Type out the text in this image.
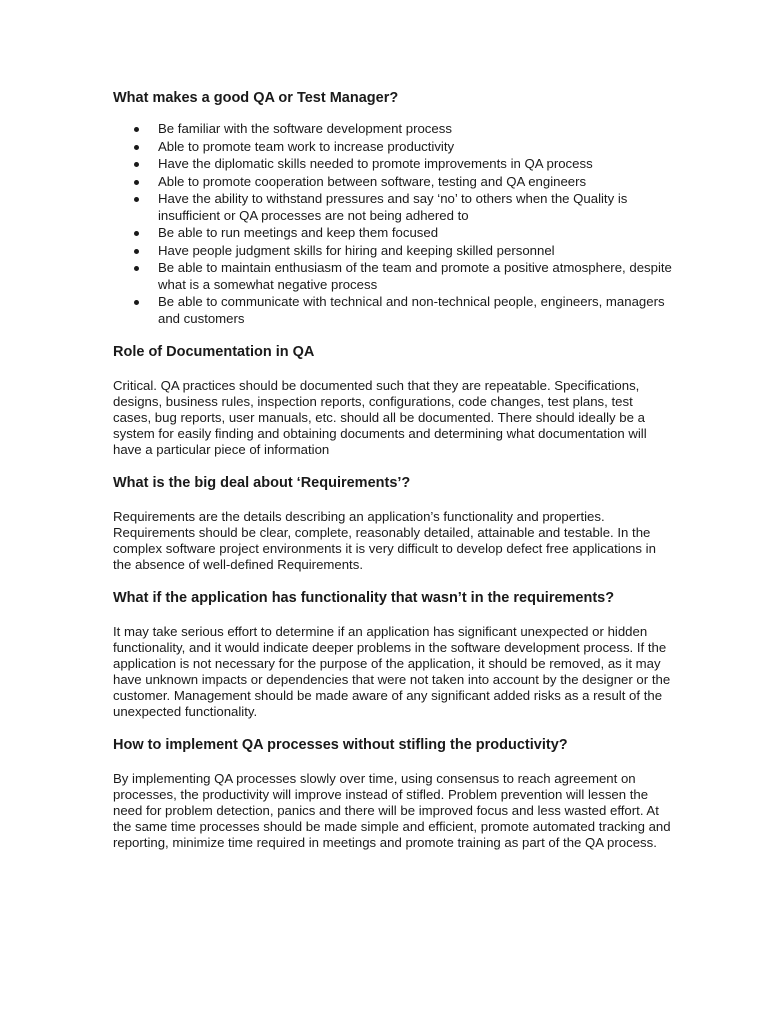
What makes a good QA or Test Manager?
Be familiar with the software development process
Able to promote team work to increase productivity
Have the diplomatic skills needed to promote improvements in QA process
Able to promote cooperation between software, testing and QA engineers
Have the ability to withstand pressures and say ‘no’ to others when the Quality is insufficient or QA processes are not being adhered to
Be able to run meetings and keep them focused
Have people judgment skills for hiring and keeping skilled personnel
Be able to maintain enthusiasm of the team and promote a positive atmosphere, despite what is a somewhat negative process
Be able to communicate with technical and non-technical people, engineers, managers and customers
Role of Documentation in QA

Critical. QA practices should be documented such that they are repeatable. Specifications, designs, business rules, inspection reports, configurations, code changes, test plans, test cases, bug reports, user manuals, etc. should all be documented. There should ideally be a system for easily finding and obtaining documents and determining what documentation will have a particular piece of information

What is the big deal about ‘Requirements’?

Requirements are the details describing an application’s functionality and properties. Requirements should be clear, complete, reasonably detailed, attainable and testable. In the complex software project environments it is very difficult to develop defect free applications in the absence of well-defined Requirements.

What if the application has functionality that wasn’t in the requirements?

It may take serious effort to determine if an application has significant unexpected or hidden functionality, and it would indicate deeper problems in the software development process. If the application is not necessary for the purpose of the application, it should be removed, as it may have unknown impacts or dependencies that were not taken into account by the designer or the customer. Management should be made aware of any significant added risks as a result of the unexpected functionality.

How to implement QA processes without stifling the productivity?

By implementing QA processes slowly over time, using consensus to reach agreement on processes, the productivity will improve instead of stifled. Problem prevention will lessen the need for problem detection, panics and there will be improved focus and less wasted effort. At the same time processes should be made simple and efficient, promote automated tracking and reporting, minimize time required in meetings and promote training as part of the QA process.
